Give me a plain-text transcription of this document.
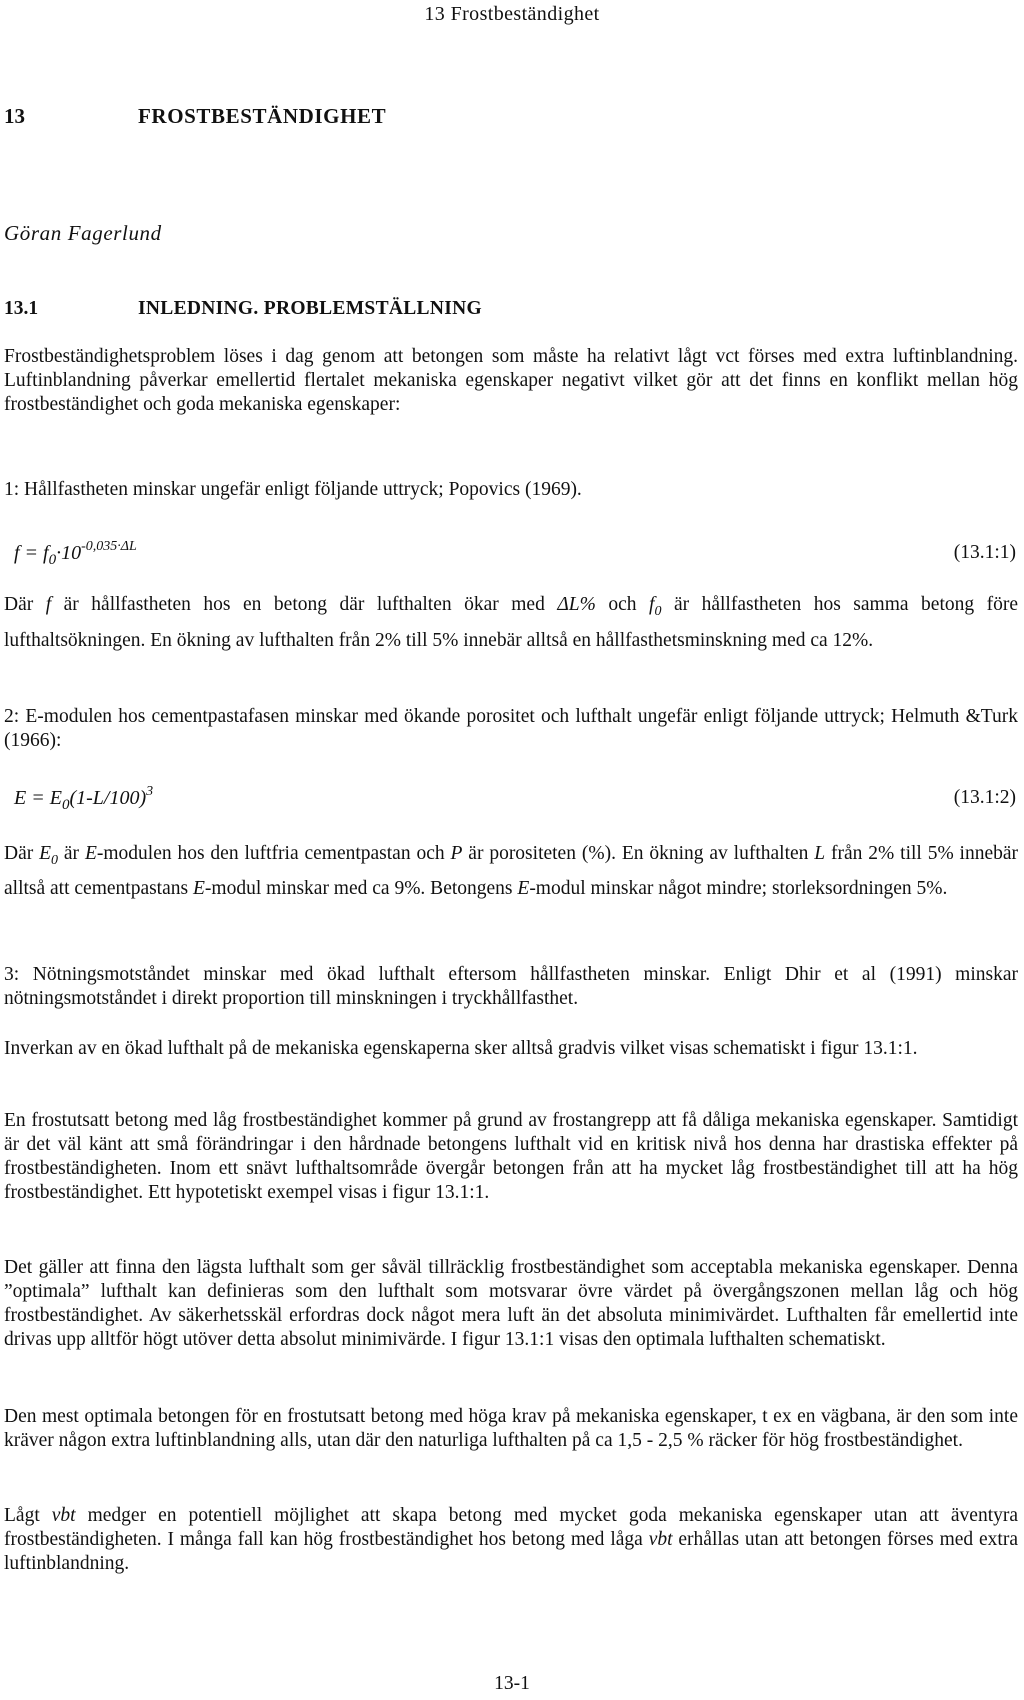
13 Frostbeständighet
13	FROSTBESTÄNDIGHET
Göran Fagerlund
13.1	INLEDNING. PROBLEMSTÄLLNING

Frostbeständighetsproblem löses i dag genom att betongen som måste ha relativt lågt vct förses med extra luftinblandning. Luftinblandning påverkar emellertid flertalet mekaniska egenskaper negativt vilket gör att det finns en konflikt mellan hög frostbeständighet och goda mekaniska egenskaper:

1: Hållfastheten minskar ungefär enligt följande uttryck; Popovics (1969).

$f = f_0\cdot 10^{-0,035\cdot\Delta L}$	(13.1:1)

Där f är hållfastheten hos en betong där lufthalten ökar med ΔL% och $f_0$ är hållfastheten hos samma betong före lufthaltsökningen. En ökning av lufthalten från 2% till 5% innebär alltså en hållfasthetsminskning med ca 12%.

2: E-modulen hos cementpastafasen minskar med ökande porositet och lufthalt ungefär enligt följande uttryck; Helmuth &Turk (1966):

$E = E_0(1-L/100)^3$	(13.1:2)

Där $E_0$ är E-modulen hos den luftfria cementpastan och P är porositeten (%). En ökning av lufthalten L från 2% till 5% innebär alltså att cementpastans E-modul minskar med ca 9%. Betongens E-modul minskar något mindre; storleksordningen 5%.

3: Nötningsmotståndet minskar med ökad lufthalt eftersom hållfastheten minskar. Enligt Dhir et al (1991) minskar nötningsmotståndet i direkt proportion till minskningen i tryckhållfasthet.

Inverkan av en ökad lufthalt på de mekaniska egenskaperna sker alltså gradvis vilket visas schematiskt i figur 13.1:1.

En frostutsatt betong med låg frostbeständighet kommer på grund av frostangrepp att få dåliga mekaniska egenskaper. Samtidigt är det väl känt att små förändringar i den hårdnade betongens lufthalt vid en kritisk nivå hos denna har drastiska effekter på frostbeständigheten. Inom ett snävt lufthaltsområde övergår betongen från att ha mycket låg frostbeständighet till att ha hög frostbeständighet. Ett hypotetiskt exempel visas i figur 13.1:1.

Det gäller att finna den lägsta lufthalt som ger såväl tillräcklig frostbeständighet som acceptabla mekaniska egenskaper. Denna ”optimala” lufthalt kan definieras som den lufthalt som motsvarar övre värdet på övergångszonen mellan låg och hög frostbeständighet. Av säkerhetsskäl erfordras dock något mera luft än det absoluta minimivärdet. Lufthalten får emellertid inte drivas upp alltför högt utöver detta absolut minimivärde. I figur 13.1:1 visas den optimala lufthalten schematiskt.

Den mest optimala betongen för en frostutsatt betong med höga krav på mekaniska egenskaper, t ex en vägbana, är den som inte kräver någon extra luftinblandning alls, utan där den naturliga lufthalten på ca 1,5 - 2,5 % räcker för hög frostbeständighet.

Lågt vbt medger en potentiell möjlighet att skapa betong med mycket goda mekaniska egenskaper utan att äventyra frostbeständigheten. I många fall kan hög frostbeständighet hos betong med låga vbt erhållas utan att betongen förses med extra luftinblandning.

13-1
